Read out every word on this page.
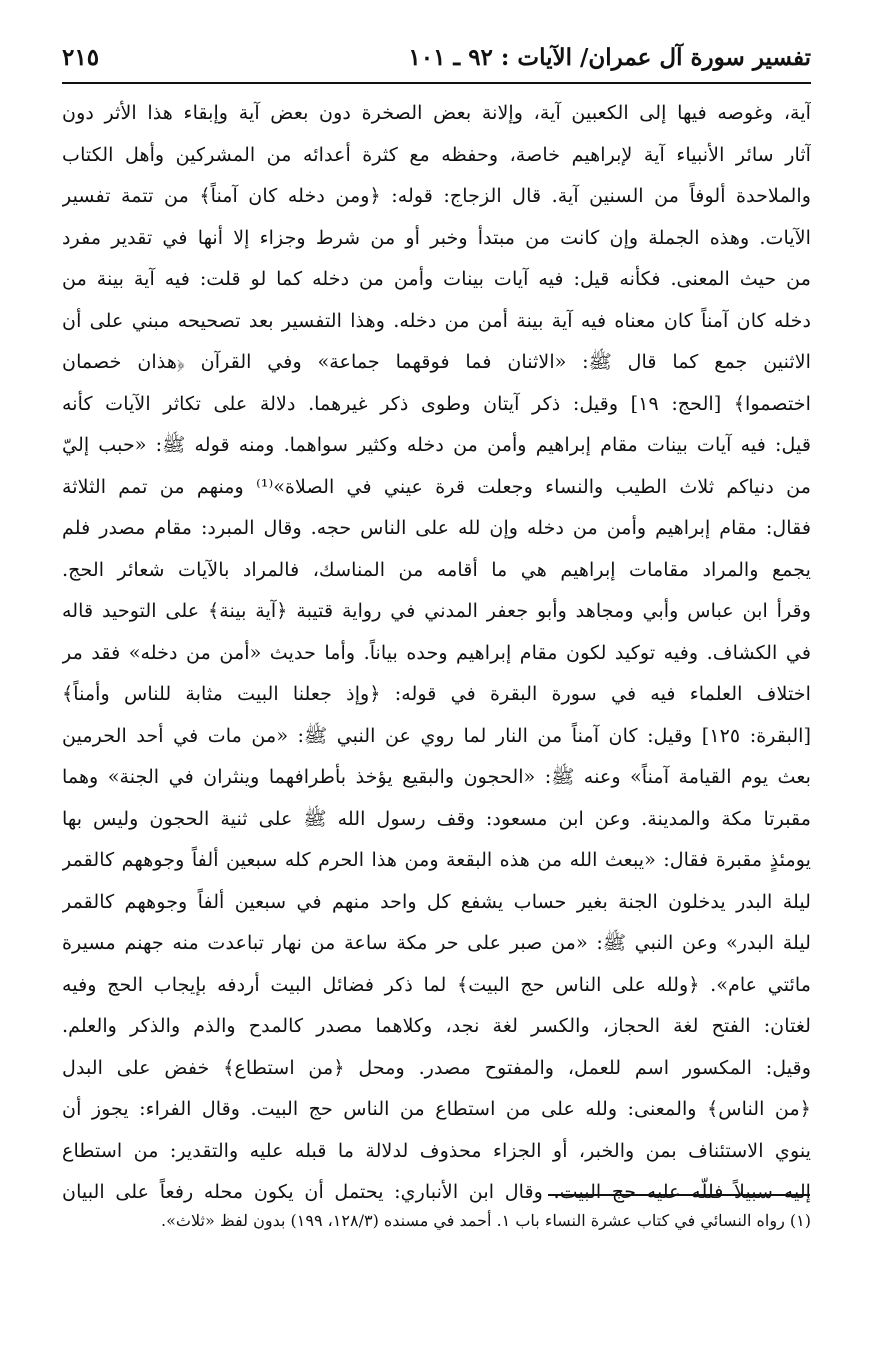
تفسير سورة آل عمران/ الآيات : ٩٢ ـ ١٠١
٢١٥
آية، وغوصه فيها إلى الكعبين آية، وإلانة بعض الصخرة دون بعض آية وإبقاء هذا الأثر دون
آثار سائر الأنبياء آية لإبراهيم خاصة، وحفظه مع كثرة أعدائه من المشركين وأهل الكتاب
والملاحدة ألوفاً من السنين آية. قال الزجاج: قوله: ﴿ومن دخله كان آمناً﴾ من تتمة تفسير
الآيات. وهذه الجملة وإن كانت من مبتدأ وخبر أو من شرط وجزاء إلا أنها في تقدير مفرد
من حيث المعنى. فكأنه قيل: فيه آيات بينات وأمن من دخله كما لو قلت: فيه آية بينة من
دخله كان آمناً كان معناه فيه آية بينة أمن من دخله. وهذا التفسير بعد تصحيحه مبني على أن
الاثنين جمع كما قال ﷺ: «الاثنان فما فوقهما جماعة» وفي القرآن ﴿هذان خصمان
اختصموا﴾ [الحج: ١٩] وقيل: ذكر آيتان وطوى ذكر غيرهما. دلالة على تكاثر الآيات كأنه
قيل: فيه آيات بينات مقام إبراهيم وأمن من دخله وكثير سواهما. ومنه قوله ﷺ: «حبب إليّ
من دنياكم ثلاث الطيب والنساء وجعلت قرة عيني في الصلاة»⁽¹⁾ ومنهم من تمم الثلاثة
فقال: مقام إبراهيم وأمن من دخله وإن لله على الناس حجه. وقال المبرد: مقام مصدر فلم
يجمع والمراد مقامات إبراهيم هي ما أقامه من المناسك، فالمراد بالآيات شعائر الحج.
وقرأ ابن عباس وأبي ومجاهد وأبو جعفر المدني في رواية قتيبة ﴿آية بينة﴾ على التوحيد قاله
في الكشاف. وفيه توكيد لكون مقام إبراهيم وحده بياناً. وأما حديث «أمن من دخله» فقد مر
اختلاف العلماء فيه في سورة البقرة في قوله: ﴿وإذ جعلنا البيت مثابة للناس وأمناً﴾
[البقرة: ١٢٥] وقيل: كان آمناً من النار لما روي عن النبي ﷺ: «من مات في أحد الحرمين
بعث يوم القيامة آمناً» وعنه ﷺ: «الحجون والبقيع يؤخذ بأطرافهما وينثران في الجنة» وهما
مقبرتا مكة والمدينة. وعن ابن مسعود: وقف رسول الله ﷺ على ثنية الحجون وليس بها
يومئذٍ مقبرة فقال: «يبعث الله من هذه البقعة ومن هذا الحرم كله سبعين ألفاً وجوههم كالقمر
ليلة البدر يدخلون الجنة بغير حساب يشفع كل واحد منهم في سبعين ألفاً وجوههم كالقمر
ليلة البدر» وعن النبي ﷺ: «من صبر على حر مكة ساعة من نهار تباعدت منه جهنم مسيرة
مائتي عام». ﴿ولله على الناس حج البيت﴾ لما ذكر فضائل البيت أردفه بإيجاب الحج وفيه
لغتان: الفتح لغة الحجاز، والكسر لغة نجد، وكلاهما مصدر كالمدح والذم والذكر والعلم.
وقيل: المكسور اسم للعمل، والمفتوح مصدر. ومحل ﴿من استطاع﴾ خفض على البدل
﴿من الناس﴾ والمعنى: ولله على من استطاع من الناس حج البيت. وقال الفراء: يجوز أن
ينوي الاستئناف بمن والخبر، أو الجزاء محذوف لدلالة ما قبله عليه والتقدير: من استطاع
إليه سبيلاً فللّه عليه حج البيت. وقال ابن الأنباري: يحتمل أن يكون محله رفعاً على البيان
(١) رواه النسائي في كتاب عشرة النساء باب ١. أحمد في مسنده (١٢٨/٣، ١٩٩) بدون لفظ «ثلاث».
